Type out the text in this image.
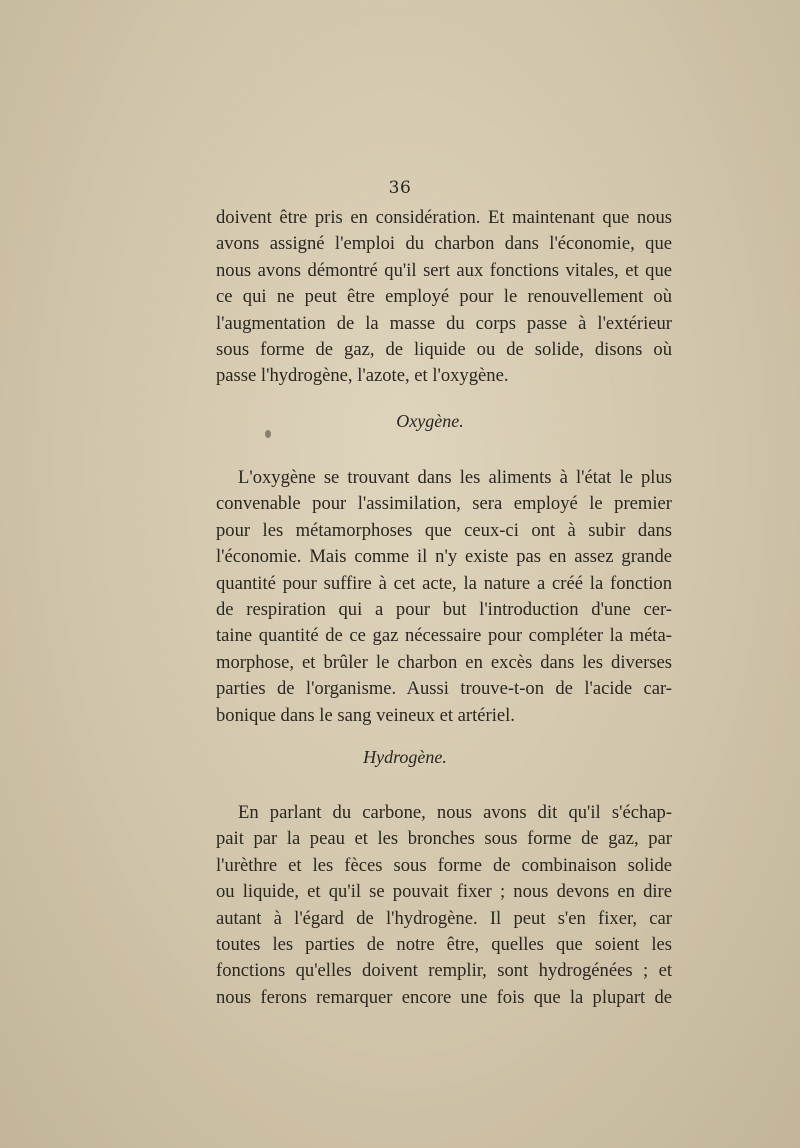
36
doivent être pris en considération. Et maintenant que nous
avons assigné l'emploi du charbon dans l'économie, que
nous avons démontré qu'il sert aux fonctions vitales, et que
ce qui ne peut être employé pour le renouvellement où
l'augmentation de la masse du corps passe à l'extérieur
sous forme de gaz, de liquide ou de solide, disons où
passe l'hydrogène, l'azote, et l'oxygène.
Oxygène.
L'oxygène se trouvant dans les aliments à l'état le plus
convenable pour l'assimilation, sera employé le premier
pour les métamorphoses que ceux-ci ont à subir dans
l'économie. Mais comme il n'y existe pas en assez grande
quantité pour suffire à cet acte, la nature a créé la fonction
de respiration qui a pour but l'introduction d'une cer-
taine quantité de ce gaz nécessaire pour compléter la méta-
morphose, et brûler le charbon en excès dans les diverses
parties de l'organisme. Aussi trouve-t-on de l'acide car-
bonique dans le sang veineux et artériel.
Hydrogène.
En parlant du carbone, nous avons dit qu'il s'échap-
pait par la peau et les bronches sous forme de gaz, par
l'urèthre et les fèces sous forme de combinaison solide
ou liquide, et qu'il se pouvait fixer ; nous devons en dire
autant à l'égard de l'hydrogène. Il peut s'en fixer, car
toutes les parties de notre être, quelles que soient les
fonctions qu'elles doivent remplir, sont hydrogénées ; et
nous ferons remarquer encore une fois que la plupart de
